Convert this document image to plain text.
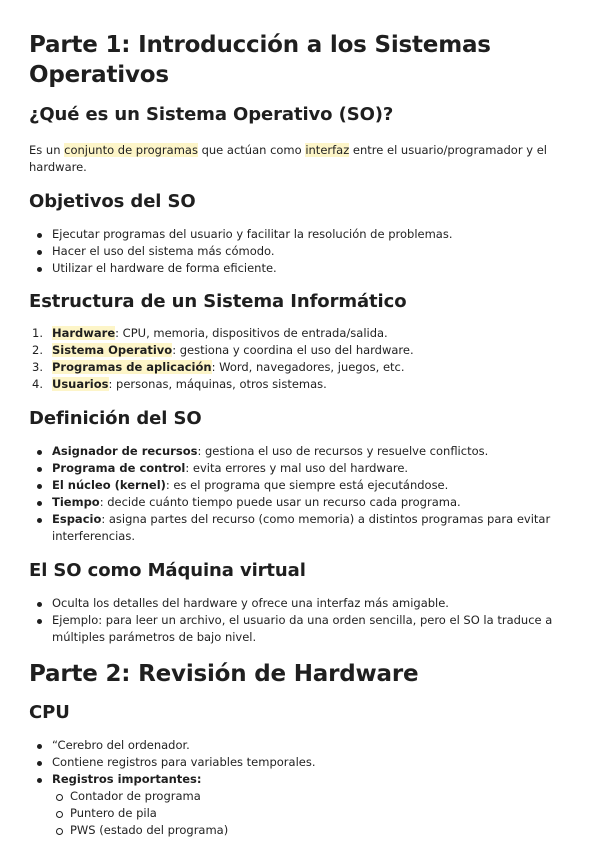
Parte 1: Introducción a los Sistemas Operativos
¿Qué es un Sistema Operativo (SO)?

Es un conjunto de programas que actúan como interfaz entre el usuario/programador y el hardware.

Objetivos del SO
Ejecutar programas del usuario y facilitar la resolución de problemas.
Hacer el uso del sistema más cómodo.
Utilizar el hardware de forma eficiente.
Estructura de un Sistema Informático
1. Hardware: CPU, memoria, dispositivos de entrada/salida.
2. Sistema Operativo: gestiona y coordina el uso del hardware.
3. Programas de aplicación: Word, navegadores, juegos, etc.
4. Usuarios: personas, máquinas, otros sistemas.
Definición del SO
Asignador de recursos: gestiona el uso de recursos y resuelve conflictos.
Programa de control: evita errores y mal uso del hardware.
El núcleo (kernel): es el programa que siempre está ejecutándose.
Tiempo: decide cuánto tiempo puede usar un recurso cada programa.
Espacio: asigna partes del recurso (como memoria) a distintos programas para evitar interferencias.
El SO como Máquina virtual
Oculta los detalles del hardware y ofrece una interfaz más amigable.
Ejemplo: para leer un archivo, el usuario da una orden sencilla, pero el SO la traduce a múltiples parámetros de bajo nivel.
Parte 2: Revisión de Hardware
CPU
“Cerebro del ordenador.
Contiene registros para variables temporales.
Registros importantes:
Contador de programa
Puntero de pila
PWS (estado del programa)
